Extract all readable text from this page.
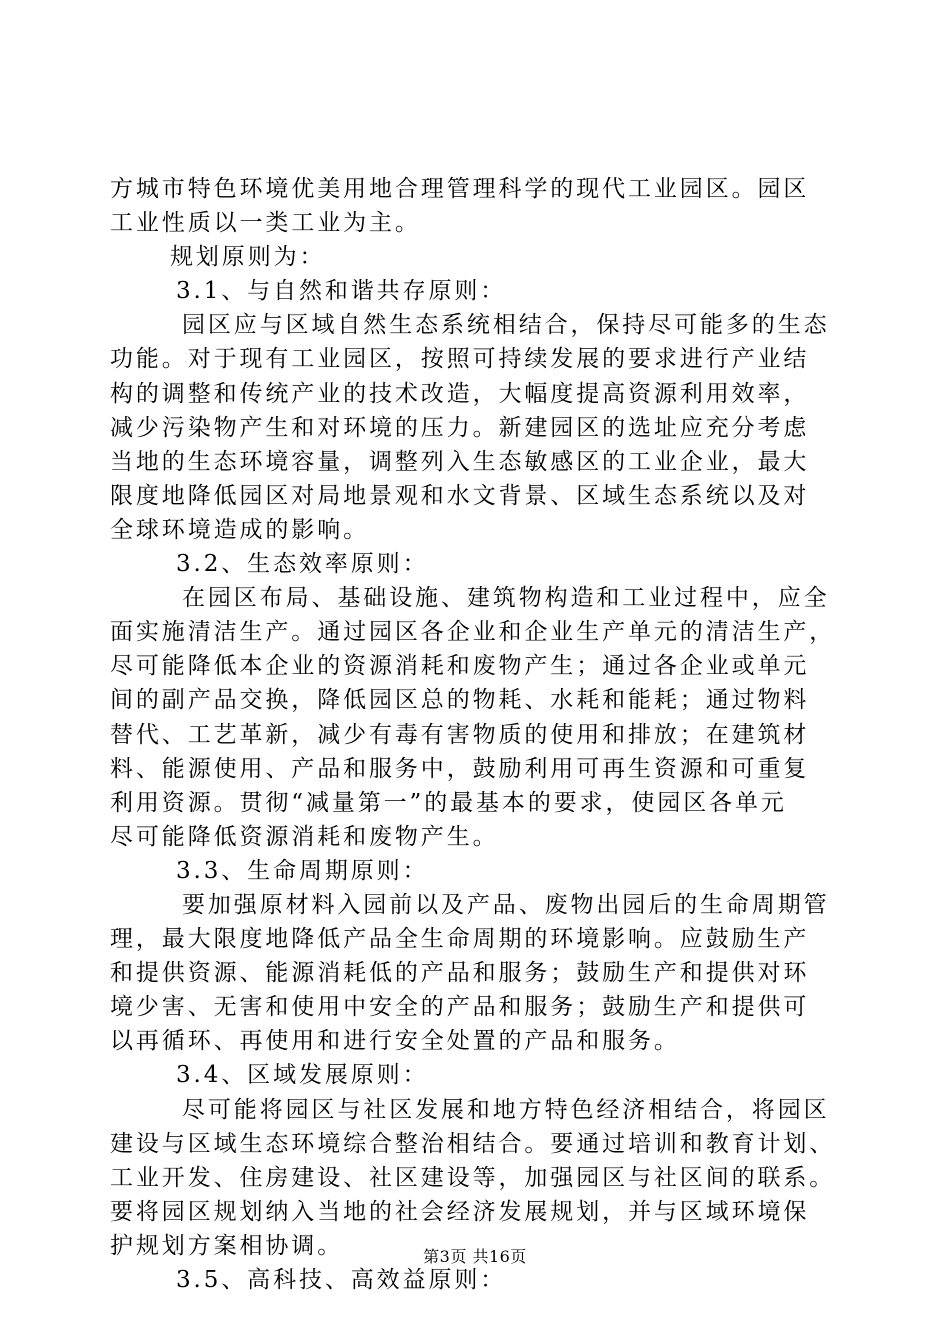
方城市特色环境优美用地合理管理科学的现代工业园区。园区
工业性质以一类工业为主。
规划原则为：
3.1、与自然和谐共存原则：
园区应与区域自然生态系统相结合，保持尽可能多的生态
功能。对于现有工业园区，按照可持续发展的要求进行产业结
构的调整和传统产业的技术改造，大幅度提高资源利用效率，
减少污染物产生和对环境的压力。新建园区的选址应充分考虑
当地的生态环境容量，调整列入生态敏感区的工业企业，最大
限度地降低园区对局地景观和水文背景、区域生态系统以及对
全球环境造成的影响。
3.2、生态效率原则：
在园区布局、基础设施、建筑物构造和工业过程中，应全
面实施清洁生产。通过园区各企业和企业生产单元的清洁生产，
尽可能降低本企业的资源消耗和废物产生；通过各企业或单元
间的副产品交换，降低园区总的物耗、水耗和能耗；通过物料
替代、工艺革新，减少有毒有害物质的使用和排放；在建筑材
料、能源使用、产品和服务中，鼓励利用可再生资源和可重复
利用资源。贯彻“减量第一”的最基本的要求，使园区各单元
尽可能降低资源消耗和废物产生。
3.3、生命周期原则：
要加强原材料入园前以及产品、废物出园后的生命周期管
理，最大限度地降低产品全生命周期的环境影响。应鼓励生产
和提供资源、能源消耗低的产品和服务；鼓励生产和提供对环
境少害、无害和使用中安全的产品和服务；鼓励生产和提供可
以再循环、再使用和进行安全处置的产品和服务。
3.4、区域发展原则：
尽可能将园区与社区发展和地方特色经济相结合，将园区
建设与区域生态环境综合整治相结合。要通过培训和教育计划、
工业开发、住房建设、社区建设等，加强园区与社区间的联系。
要将园区规划纳入当地的社会经济发展规划，并与区域环境保
护规划方案相协调。
3.5、高科技、高效益原则：
第3页 共16页
